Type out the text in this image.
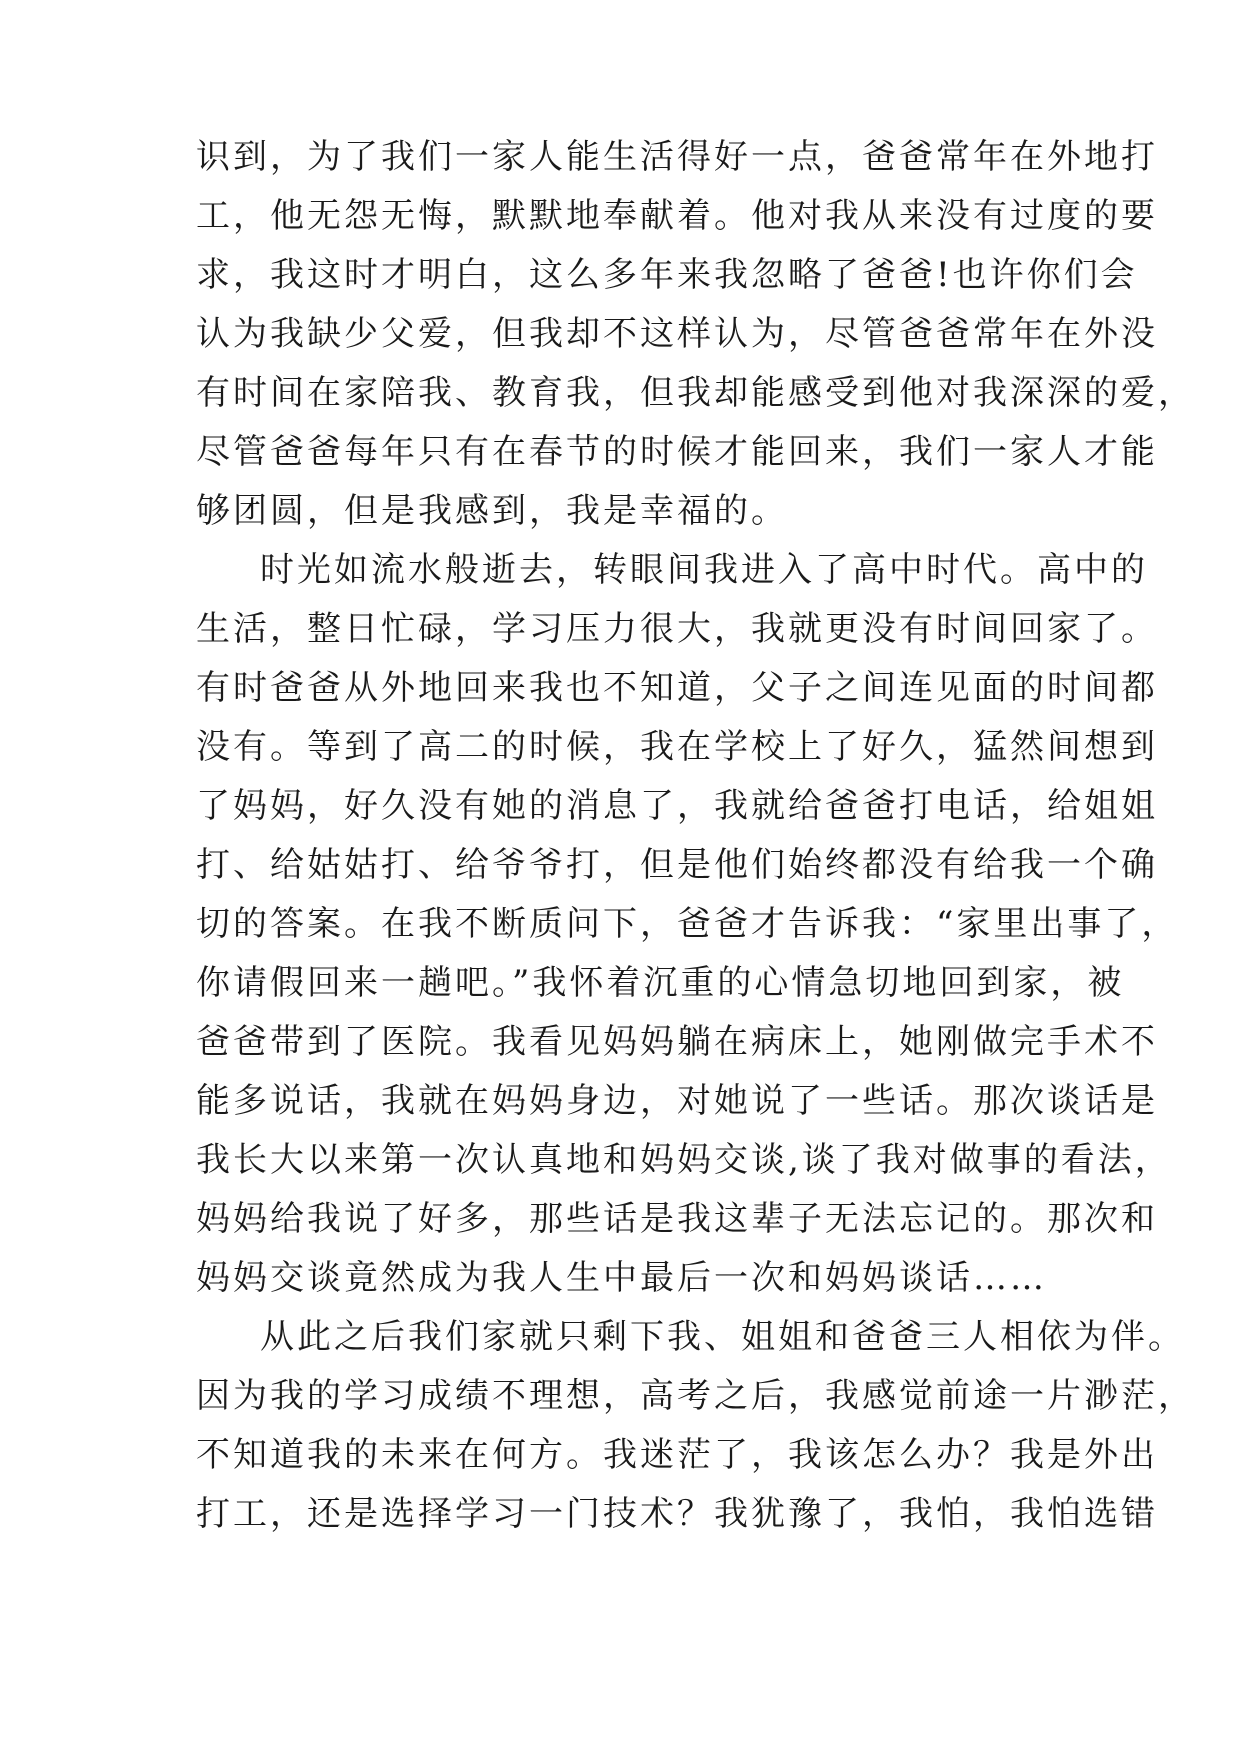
识到，为了我们一家人能生活得好一点，爸爸常年在外地打
工，他无怨无悔，默默地奉献着。他对我从来没有过度的要
求，我这时才明白，这么多年来我忽略了爸爸!也许你们会
认为我缺少父爱，但我却不这样认为，尽管爸爸常年在外没
有时间在家陪我、教育我，但我却能感受到他对我深深的爱，
尽管爸爸每年只有在春节的时候才能回来，我们一家人才能
够团圆，但是我感到，我是幸福的。
时光如流水般逝去，转眼间我进入了高中时代。高中的
生活，整日忙碌，学习压力很大，我就更没有时间回家了。
有时爸爸从外地回来我也不知道，父子之间连见面的时间都
没有。等到了高二的时候，我在学校上了好久，猛然间想到
了妈妈，好久没有她的消息了，我就给爸爸打电话，给姐姐
打、给姑姑打、给爷爷打，但是他们始终都没有给我一个确
切的答案。在我不断质问下，爸爸才告诉我：“家里出事了，
你请假回来一趟吧。”我怀着沉重的心情急切地回到家，被
爸爸带到了医院。我看见妈妈躺在病床上，她刚做完手术不
能多说话，我就在妈妈身边，对她说了一些话。那次谈话是
我长大以来第一次认真地和妈妈交谈,谈了我对做事的看法，
妈妈给我说了好多，那些话是我这辈子无法忘记的。那次和
妈妈交谈竟然成为我人生中最后一次和妈妈谈话……
从此之后我们家就只剩下我、姐姐和爸爸三人相依为伴。
因为我的学习成绩不理想，高考之后，我感觉前途一片渺茫，
不知道我的未来在何方。我迷茫了，我该怎么办？我是外出
打工，还是选择学习一门技术？我犹豫了，我怕，我怕选错
